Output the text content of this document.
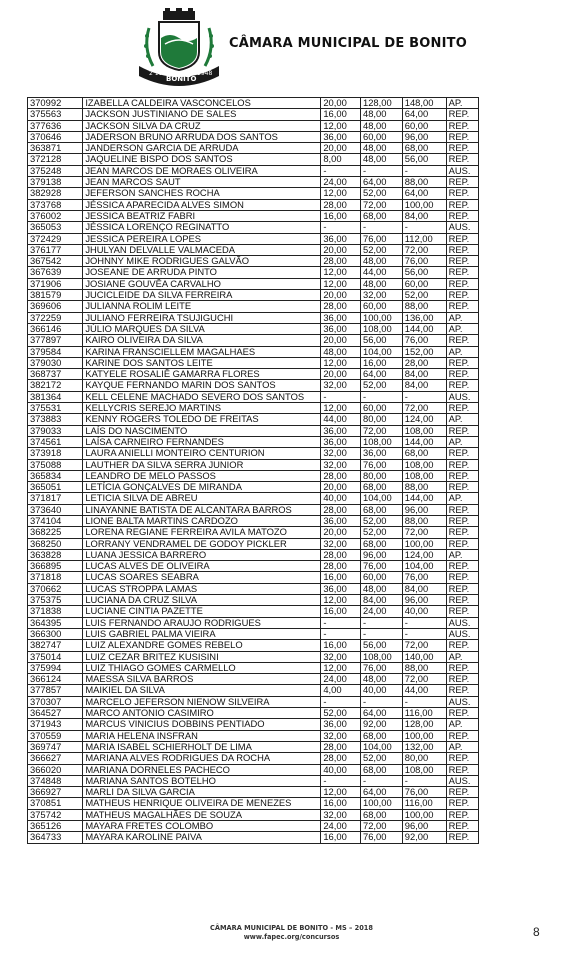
2 10
BONITO
1948
CÂMARA MUNICIPAL DE BONITO
370992	IZABELLA CALDEIRA VASCONCELOS	20,00	128,00	148,00	AP.
375563	JACKSON JUSTINIANO DE SALES	16,00	48,00	64,00	REP.
377636	JACKSON SILVA DA CRUZ	12,00	48,00	60,00	REP.
370646	JADERSON BRUNO ARRUDA DOS SANTOS	36,00	60,00	96,00	REP.
363871	JANDERSON GARCIA DE ARRUDA	20,00	48,00	68,00	REP.
372128	JAQUELINE BISPO DOS SANTOS	8,00	48,00	56,00	REP.
375248	JEAN MARCOS DE MORAES OLIVEIRA	-	-	-	AUS.
379138	JEAN MARCOS SAUT	24,00	64,00	88,00	REP.
382928	JEFERSON SANCHES ROCHA	12,00	52,00	64,00	REP.
373768	JÉSSICA APARECIDA ALVES SIMON	28,00	72,00	100,00	REP.
376002	JESSICA BEATRIZ FABRI	16,00	68,00	84,00	REP.
365053	JÉSSICA LORENÇO REGINATTO	-	-	-	AUS.
372429	JESSICA PEREIRA LOPES	36,00	76,00	112,00	REP.
376177	JHULYAN DELVALLE VALMACEDA	20,00	52,00	72,00	REP.
367542	JOHNNY MIKE RODRIGUES GALVÃO	28,00	48,00	76,00	REP.
367639	JOSEANE DE ARRUDA PINTO	12,00	44,00	56,00	REP.
371906	JOSIANE GOUVÊA CARVALHO	12,00	48,00	60,00	REP.
381579	JUCICLEIDE DA SILVA FERREIRA	20,00	32,00	52,00	REP.
369606	JULIANNA ROLIM LEITE	28,00	60,00	88,00	REP.
372259	JULIANO FERREIRA TSUJIGUCHI	36,00	100,00	136,00	AP.
366146	JÚLIO MARQUES DA SILVA	36,00	108,00	144,00	AP.
377897	KAIRO OLIVEIRA DA SILVA	20,00	56,00	76,00	REP.
379584	KARINA FRANSCIELLEM MAGALHAES	48,00	104,00	152,00	AP.
379030	KARINE DOS SANTOS LEITE	12,00	16,00	28,00	REP.
368737	KATYELE ROSALIÊ GAMARRA FLORES	20,00	64,00	84,00	REP.
382172	KAYQUE FERNANDO MARIN DOS SANTOS	32,00	52,00	84,00	REP.
381364	KELL CELENE MACHADO SEVERO DOS SANTOS	-	-	-	AUS.
375531	KELLYCRIS SEREJO MARTINS	12,00	60,00	72,00	REP.
373883	KENNY ROGERS TOLEDO DE FREITAS	44,00	80,00	124,00	AP.
379033	LAÍS DO NASCIMENTO	36,00	72,00	108,00	REP.
374561	LAÍSA CARNEIRO FERNANDES	36,00	108,00	144,00	AP.
373918	LAURA ANIELLI MONTEIRO CENTURION	32,00	36,00	68,00	REP.
375088	LAUTHER DA SILVA SERRA JUNIOR	32,00	76,00	108,00	REP.
365834	LEANDRO DE MELO PASSOS	28,00	80,00	108,00	REP.
365051	LETÍCIA GONÇALVES DE MIRANDA	20,00	68,00	88,00	REP.
371817	LETICIA SILVA DE ABREU	40,00	104,00	144,00	AP.
373640	LINAYANNE BATISTA DE ALCANTARA BARROS	28,00	68,00	96,00	REP.
374104	LIONE BALTA MARTINS CARDOZO	36,00	52,00	88,00	REP.
368225	LORENA REGIANE FERREIRA AVILA MATOZO	20,00	52,00	72,00	REP.
368250	LORRANY VENDRAMEL DE GODOY PICKLER	32,00	68,00	100,00	REP.
363828	LUANA JESSICA BARRERO	28,00	96,00	124,00	AP.
366895	LUCAS ALVES DE OLIVEIRA	28,00	76,00	104,00	REP.
371818	LUCAS SOARES SEABRA	16,00	60,00	76,00	REP.
370662	LUCAS STROPPA LAMAS	36,00	48,00	84,00	REP.
375375	LUCIANA DA CRUZ SILVA	12,00	84,00	96,00	REP.
371838	LUCIANE CINTIA PAZETTE	16,00	24,00	40,00	REP.
364395	LUIS FERNANDO ARAUJO RODRIGUES	-	-	-	AUS.
366300	LUIS GABRIEL PALMA VIEIRA	-	-	-	AUS.
382747	LUIZ ALEXANDRE GOMES REBELO	16,00	56,00	72,00	REP.
375014	LUIZ CEZAR BRITEZ KUSISINI	32,00	108,00	140,00	AP.
375994	LUIZ THIAGO GOMES CARMELLO	12,00	76,00	88,00	REP.
366124	MAESSA SILVA BARROS	24,00	48,00	72,00	REP.
377857	MAIKIEL DA SILVA	4,00	40,00	44,00	REP.
370307	MARCELO JEFERSON NIENOW SILVEIRA	-	-	-	AUS.
364527	MARCO ANTONIO CASIMIRO	52,00	64,00	116,00	REP.
371943	MARCUS VINICIUS DOBBINS PENTIADO	36,00	92,00	128,00	AP.
370559	MARIA HELENA INSFRAN	32,00	68,00	100,00	REP.
369747	MARIA ISABEL SCHIERHOLT DE LIMA	28,00	104,00	132,00	AP.
366627	MARIANA ALVES RODRIGUES DA ROCHA	28,00	52,00	80,00	REP.
366020	MARIANA DORNELES PACHECO	40,00	68,00	108,00	REP.
374848	MARIANA SANTOS BOTELHO	-	-	-	AUS.
366927	MARLI DA SILVA GARCIA	12,00	64,00	76,00	REP.
370851	MATHEUS HENRIQUE OLIVEIRA DE MENEZES	16,00	100,00	116,00	REP.
375742	MATHEUS MAGALHÃES DE SOUZA	32,00	68,00	100,00	REP.
365126	MAYARA FRETES COLOMBO	24,00	72,00	96,00	REP.
364733	MAYARA KAROLINE PAIVA	16,00	76,00	92,00	REP.
CÂMARA MUNICIPAL DE BONITO - MS – 2018
www.fapec.org/concursos	8
